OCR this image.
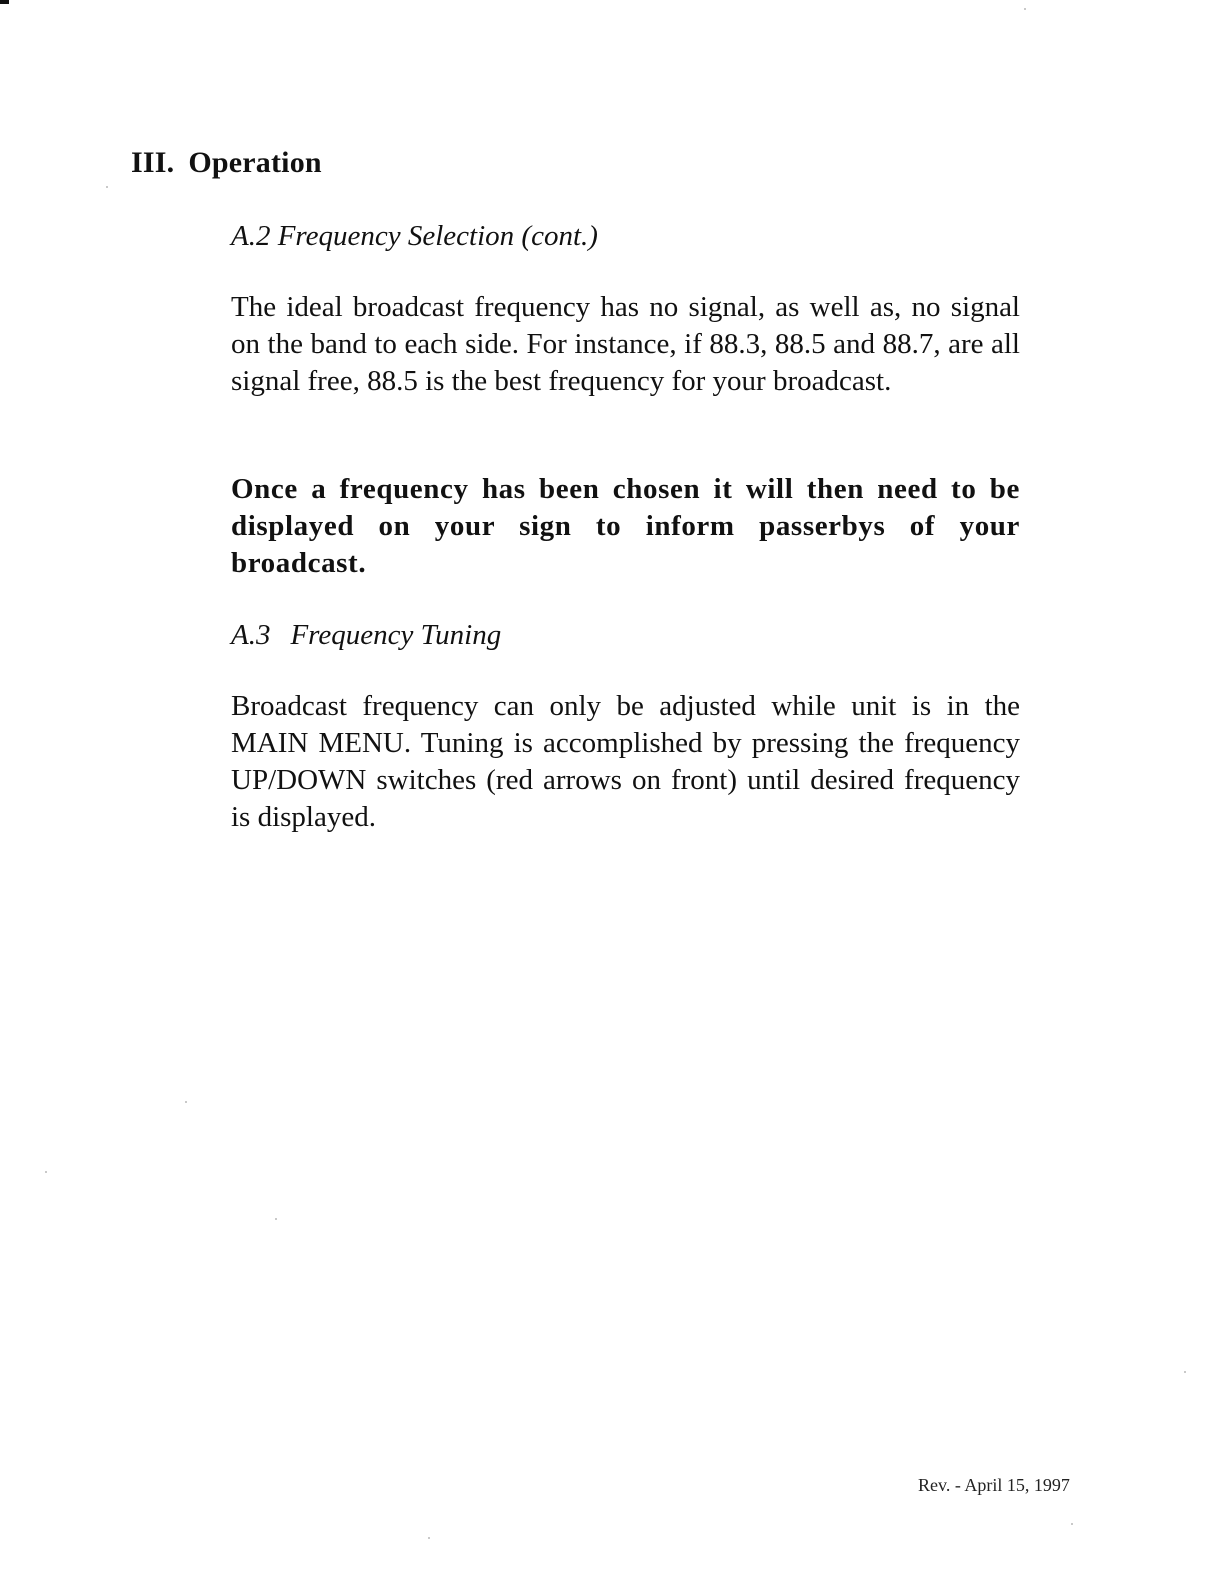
III. Operation
A.2 Frequency Selection (cont.)

The ideal broadcast frequency has no signal, as well as, no signal on the band to each side. For instance, if 88.3, 88.5 and 88.7, are all signal free, 88.5 is the best frequency for your broadcast.

Once a frequency has been chosen it will then need to be displayed on your sign to inform passerbys of your broadcast.

A.3 Frequency Tuning

Broadcast frequency can only be adjusted while unit is in the MAIN MENU. Tuning is accomplished by pressing the frequency UP/DOWN switches (red arrows on front) until desired frequency is displayed.

Rev. - April 15, 1997
